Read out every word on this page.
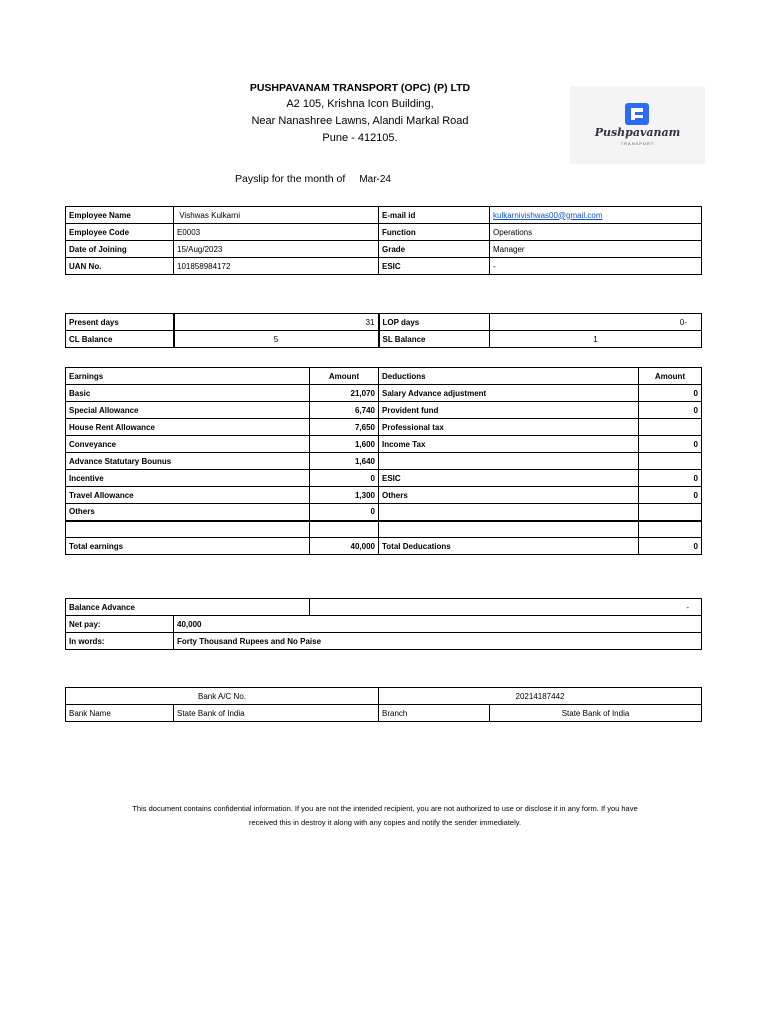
PUSHPAVANAM TRANSPORT (OPC) (P) LTD
A2 105, Krishna Icon Building,
Near Nanashree Lawns, Alandi Markal Road
Pune - 412105.	Pushpavanam
TRANSPORT
Payslip for the month of Mar-24
Employee Name	Vishwas Kulkarni	E-mail id	kulkarnivishwas00@gmail.com
Employee Code	E0003	Function	Operations
Date of Joining	15/Aug/2023	Grade	Manager
UAN No.	101858984172	ESIC	-
Present days	31	LOP days	0-
CL Balance	5	SL Balance	1
Earnings	Amount	Deductions	Amount
Basic	21,070	Salary Advance adjustment	0
Special Allowance	6,740	Provident fund	0
House Rent Allowance	7,650	Professional tax	
Conveyance	1,600	Income Tax	0
Advance Statutary Bounus	1,640		
Incentive	0	ESIC	0
Travel Allowance	1,300	Others	0
Others	0		

Total earnings	40,000	Total Deducations	0
Balance Advance		-
Net pay:	40,000	
In words:	Forty Thousand Rupees and No Paise	
Bank A/C No.		20214187442	
Bank Name	State Bank of India	Branch	State Bank of India
This document contains confidential information. If you are not the intended recipient, you are not authorized to use or disclose it in any form. If you have
received this in destroy it along with any copies and notify the sender immediately.
